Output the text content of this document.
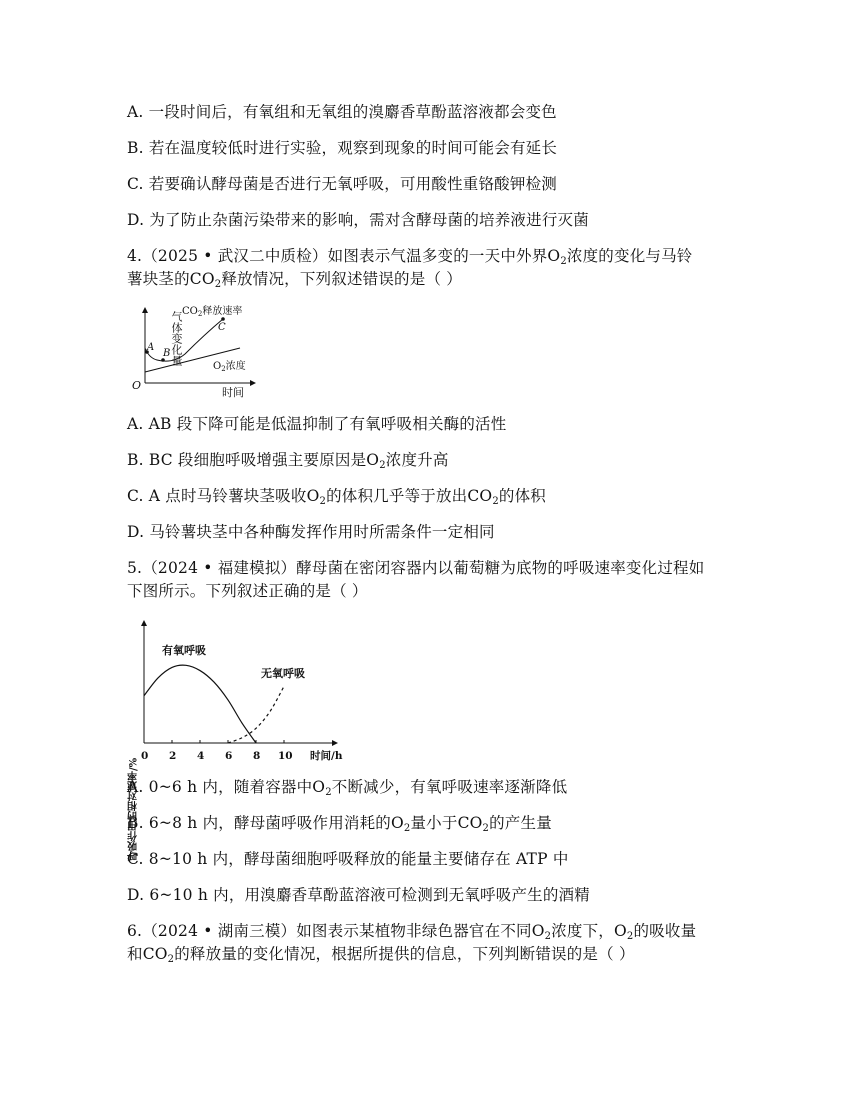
A. 一段时间后，有氧组和无氧组的溴麝香草酚蓝溶液都会变色
B. 若在温度较低时进行实验，观察到现象的时间可能会有延长
C. 若要确认酵母菌是否进行无氧呼吸，可用酸性重铬酸钾检测
D. 为了防止杂菌污染带来的影响，需对含酵母菌的培养液进行灭菌
4.（2025 • 武汉二中质检）如图表示气温多变的一天中外界$O_2$浓度的变化与马铃
薯块茎的$CO_2$释放情况，下列叙述错误的是（ ）
气体变化量
O
时间
A
B
C
$CO_2$释放速率
$O_2$浓度
A. AB 段下降可能是低温抑制了有氧呼吸相关酶的活性
B. BC 段细胞呼吸增强主要原因是$O_2$浓度升高
C. A 点时马铃薯块茎吸收$O_2$的体积几乎等于放出$CO_2$的体积
D. 马铃薯块茎中各种酶发挥作用时所需条件一定相同
5.（2024 • 福建模拟）酵母菌在密闭容器内以葡萄糖为底物的呼吸速率变化过程如
下图所示。下列叙述正确的是（ ）
呼吸作用的相对速率/%
时间/h
0 2 4 6 8 10
有氧呼吸
无氧呼吸
A. 0~6 h 内，随着容器中$O_2$不断减少，有氧呼吸速率逐渐降低
B. 6~8 h 内，酵母菌呼吸作用消耗的$O_2$量小于$CO_2$的产生量
C. 8~10 h 内，酵母菌细胞呼吸释放的能量主要储存在 ATP 中
D. 6~10 h 内，用溴麝香草酚蓝溶液可检测到无氧呼吸产生的酒精
6.（2024 • 湖南三模）如图表示某植物非绿色器官在不同$O_2$浓度下，$O_2$的吸收量
和$CO_2$的释放量的变化情况，根据所提供的信息，下列判断错误的是（ ）
